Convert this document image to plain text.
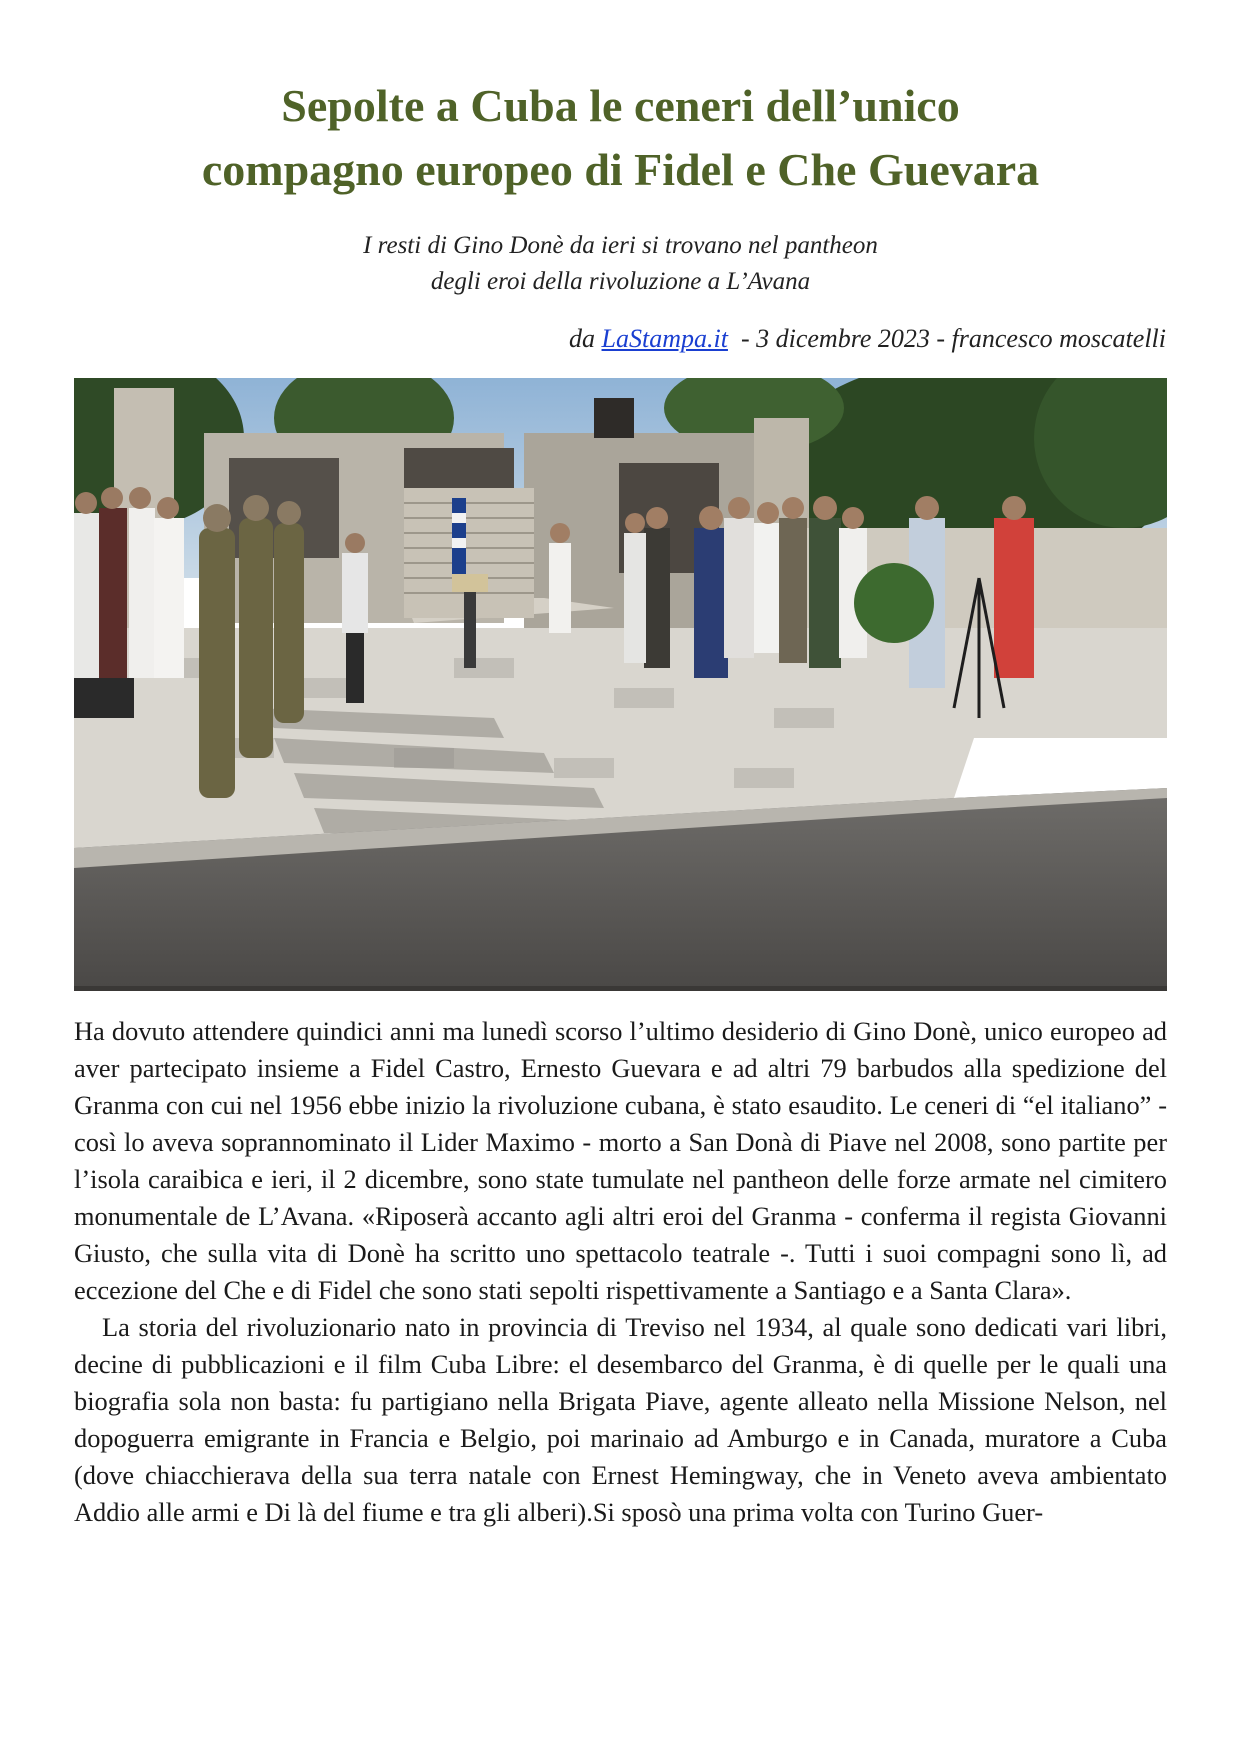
Sepolte a Cuba le ceneri dell’unico
compagno europeo di Fidel e Che Guevara
I resti di Gino Donè da ieri si trovano nel pantheon
degli eroi della rivoluzione a L’Avana
da LaStampa.it  - 3 dicembre 2023 - francesco moscatelli

Ha dovuto attendere quindici anni ma lunedì scorso l’ultimo desiderio di Gino Donè, unico europeo ad aver partecipato insieme a Fidel Castro, Ernesto Guevara e ad altri 79 barbudos alla spedizione del Granma con cui nel 1956 ebbe inizio la rivoluzione cubana, è stato esaudito. Le ceneri di “el italiano” - così lo aveva soprannominato il Lider Maximo - morto a San Donà di Piave nel 2008, sono partite per l’isola caraibica e ieri, il 2 dicembre, sono state tumulate nel pantheon delle forze armate nel cimitero monumentale de L’Avana. «Riposerà accanto agli altri eroi del Granma - conferma il regista Giovanni Giusto, che sulla vita di Donè ha scritto uno spettacolo teatrale -. Tutti i suoi compagni sono lì, ad eccezione del Che e di Fidel che sono stati sepolti rispettivamente a Santiago e a Santa Clara».

La storia del rivoluzionario nato in provincia di Treviso nel 1934, al quale sono dedicati vari libri, decine di pubblicazioni e il film Cuba Libre: el desembarco del Granma, è di quelle per le quali una biografia sola non basta: fu partigiano nella Brigata Piave, agente alleato nella Missione Nelson, nel dopoguerra emigrante in Francia e Belgio, poi marinaio ad Amburgo e in Canada, muratore a Cuba (dove chiacchierava della sua terra natale con Ernest Hemingway, che in Veneto aveva ambientato Addio alle armi e Di là del fiume e tra gli alberi).Si sposò una prima volta con Turino Guer-
